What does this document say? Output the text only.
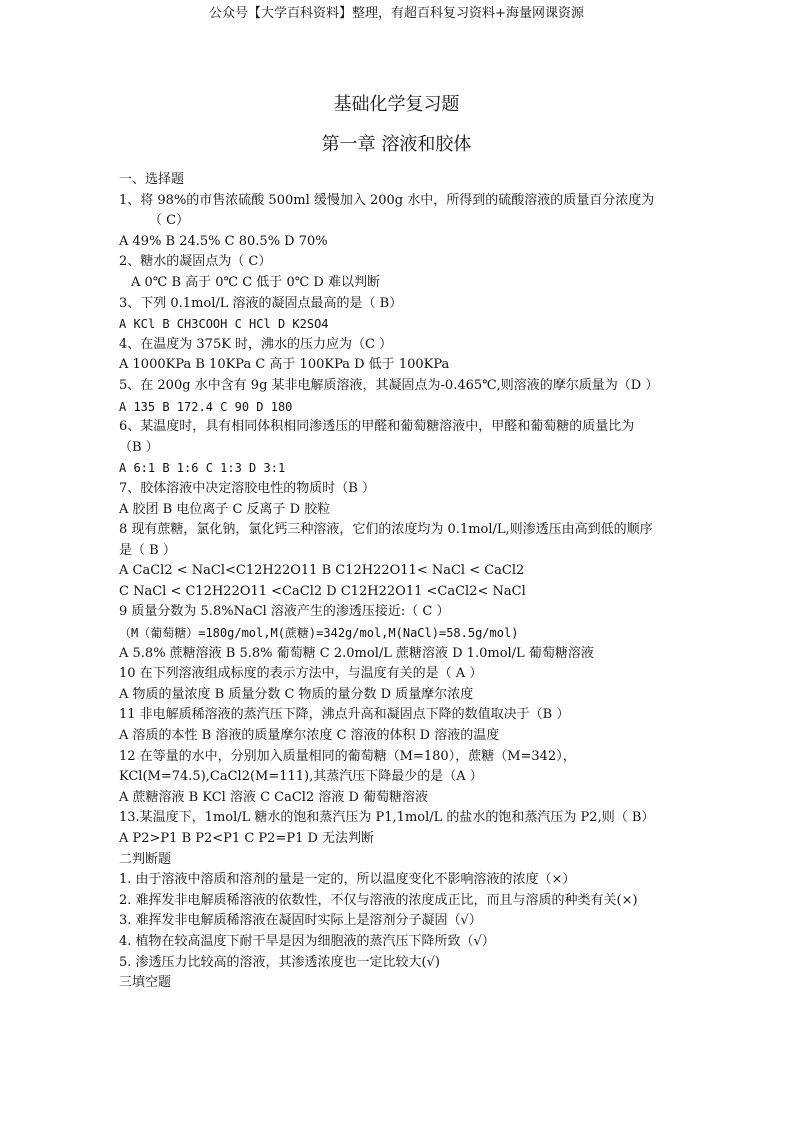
公众号【大学百科资料】整理，有超百科复习资料+海量网课资源
基础化学复习题
第一章 溶液和胶体
一、选择题
1、将 98%的市售浓硫酸 500ml 缓慢加入 200g 水中，所得到的硫酸溶液的质量百分浓度为
（ C）
A 49% B 24.5% C 80.5% D 70%
2、糖水的凝固点为（ C）
A 0℃ B 高于 0℃ C 低于 0℃ D 难以判断
3、下列 0.1mol/L 溶液的凝固点最高的是（ B）
A KCl B CH3COOH C HCl D K2SO4
4、在温度为 375K 时，沸水的压力应为（C ）
A 1000KPa B 10KPa C 高于 100KPa D 低于 100KPa
5、在 200g 水中含有 9g 某非电解质溶液，其凝固点为-0.465℃,则溶液的摩尔质量为（D ）
A 135 B 172.4 C 90 D 180
6、某温度时，具有相同体积相同渗透压的甲醛和葡萄糖溶液中，甲醛和葡萄糖的质量比为
（B ）
A 6:1 B 1:6 C 1:3 D 3:1
7、胶体溶液中决定溶胶电性的物质时（B ）
A 胶团 B 电位离子 C 反离子 D 胶粒
8 现有蔗糖，氯化钠，氯化钙三种溶液，它们的浓度均为 0.1mol/L,则渗透压由高到低的顺序
是（ B ）
A CaCl2 < NaCl<C12H22O11 B C12H22O11< NaCl < CaCl2
C NaCl < C12H22O11 <CaCl2 D C12H22O11 <CaCl2< NaCl
9 质量分数为 5.8%NaCl 溶液产生的渗透压接近:（ C ）
（M（葡萄糖）=180g/mol,M(蔗糖)=342g/mol,M(NaCl)=58.5g/mol)
A 5.8% 蔗糖溶液 B 5.8% 葡萄糖 C 2.0mol/L 蔗糖溶液 D 1.0mol/L 葡萄糖溶液
10 在下列溶液组成标度的表示方法中，与温度有关的是（ A ）
A 物质的量浓度 B 质量分数 C 物质的量分数 D 质量摩尔浓度
11 非电解质稀溶液的蒸汽压下降，沸点升高和凝固点下降的数值取决于（B ）
A 溶质的本性 B 溶液的质量摩尔浓度 C 溶液的体积 D 溶液的温度
12 在等量的水中，分别加入质量相同的葡萄糖（M=180），蔗糖（M=342），
KCl(M=74.5),CaCl2(M=111),其蒸汽压下降最少的是（A ）
A 蔗糖溶液 B KCl 溶液 C CaCl2 溶液 D 葡萄糖溶液
13.某温度下，1mol/L 糖水的饱和蒸汽压为 P1,1mol/L 的盐水的饱和蒸汽压为 P2,则（ B）
A P2>P1 B P2<P1 C P2=P1 D 无法判断
二判断题
1. 由于溶液中溶质和溶剂的量是一定的，所以温度变化不影响溶液的浓度（×）
2. 难挥发非电解质稀溶液的依数性，不仅与溶液的浓度成正比，而且与溶质的种类有关(×)
3. 难挥发非电解质稀溶液在凝固时实际上是溶剂分子凝固（√）
4. 植物在较高温度下耐干旱是因为细胞液的蒸汽压下降所致（√）
5. 渗透压力比较高的溶液，其渗透浓度也一定比较大(√)
三填空题
